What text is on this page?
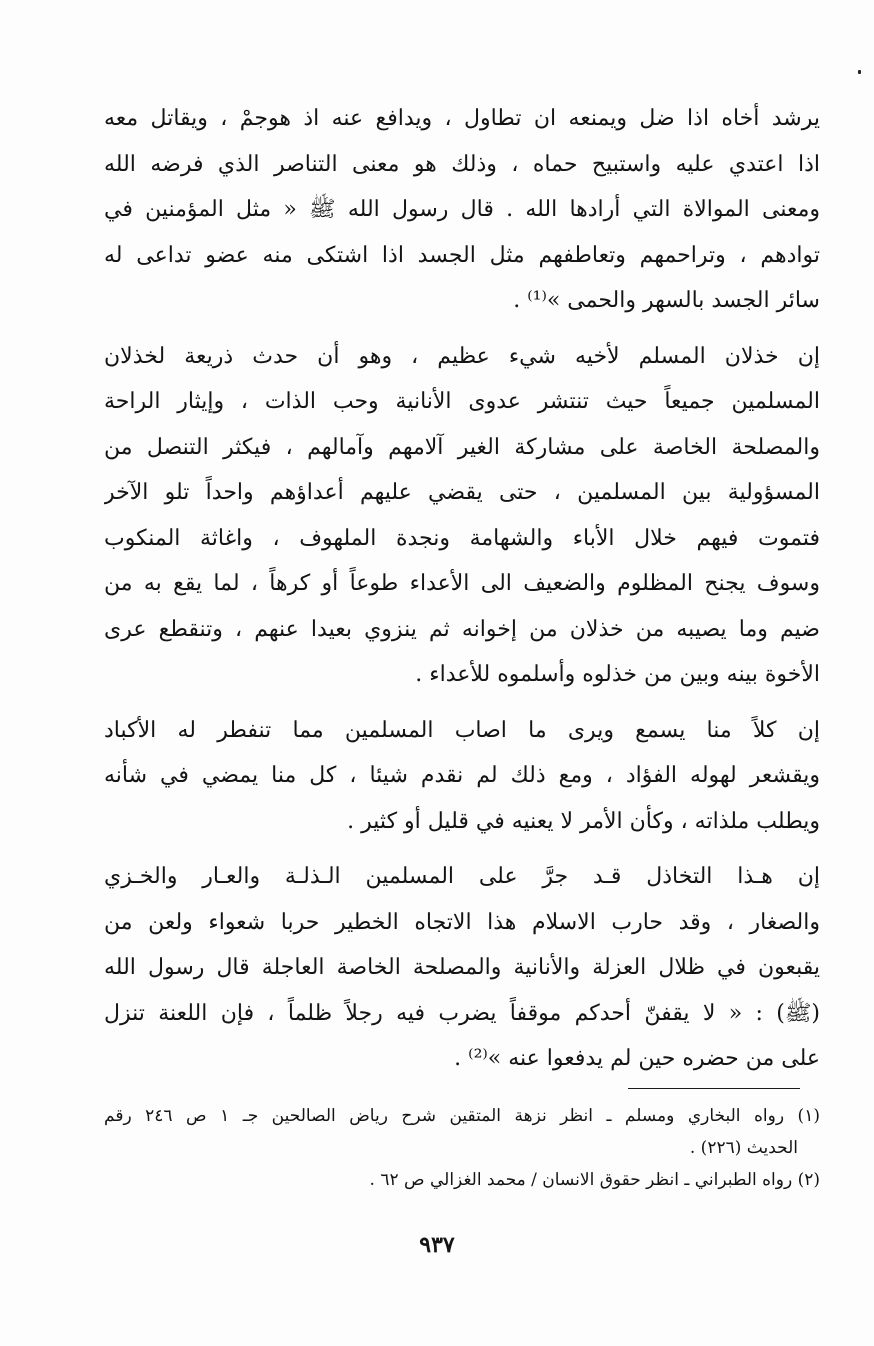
يرشد أخاه اذا ضل ويمنعه ان تطاول ، ويدافع عنه اذ هوجمْ ، ويقاتل معه
اذا اعتدي عليه واستبيح حماه ، وذلك هو معنى التناصر الذي فرضه الله
ومعنى الموالاة التي أرادها الله . قال رسول الله ﷺ « مثل المؤمنين في
توادهم ، وتراحمهم وتعاطفهم مثل الجسد اذا اشتكى منه عضو تداعى له
سائر الجسد بالسهر والحمى »⁽¹⁾ .
إن خذلان المسلم لأخيه شيء عظيم ، وهو أن حدث ذريعة لخذلان
المسلمين جميعاً حيث تنتشر عدوى الأنانية وحب الذات ، وإيثار الراحة
والمصلحة الخاصة على مشاركة الغير آلامهم وآمالهم ، فيكثر التنصل من
المسؤولية بين المسلمين ، حتى يقضي عليهم أعداؤهم واحداً تلو الآخر
فتموت فيهم خلال الأباء والشهامة ونجدة الملهوف ، واغاثة المنكوب
وسوف يجنح المظلوم والضعيف الى الأعداء طوعاً أو كرهاً ، لما يقع به من
ضيم وما يصيبه من خذلان من إخوانه ثم ينزوي بعيدا عنهم ، وتنقطع عرى
الأخوة بينه وبين من خذلوه وأسلموه للأعداء .
إن كلاً منا يسمع ويرى ما اصاب المسلمين مما تنفطر له الأكباد
ويقشعر لهوله الفؤاد ، ومع ذلك لم نقدم شيئا ، كل منا يمضي في شأنه
ويطلب ملذاته ، وكأن الأمر لا يعنيه في قليل أو كثير .
إن هـذا التخاذل قـد جرَّ على المسلمين الـذلـة والعـار والخـزي
والصغار ، وقد حارب الاسلام هذا الاتجاه الخطير حربا شعواء ولعن من
يقبعون في ظلال العزلة والأنانية والمصلحة الخاصة العاجلة قال رسول الله
(ﷺ) : « لا يقفنّ أحدكم موقفاً يضرب فيه رجلاً ظلماً ، فإن اللعنة تنزل
على من حضره حين لم يدفعوا عنه »⁽²⁾ .
(١) رواه البخاري ومسلم ـ انظر نزهة المتقين شرح رياض الصالحين جـ ١ ص ٢٤٦ رقم
الحديث (٢٢٦) .
(٢) رواه الطبراني ـ انظر حقوق الانسان / محمد الغزالي ص ٦٢ .
٩٣٧
